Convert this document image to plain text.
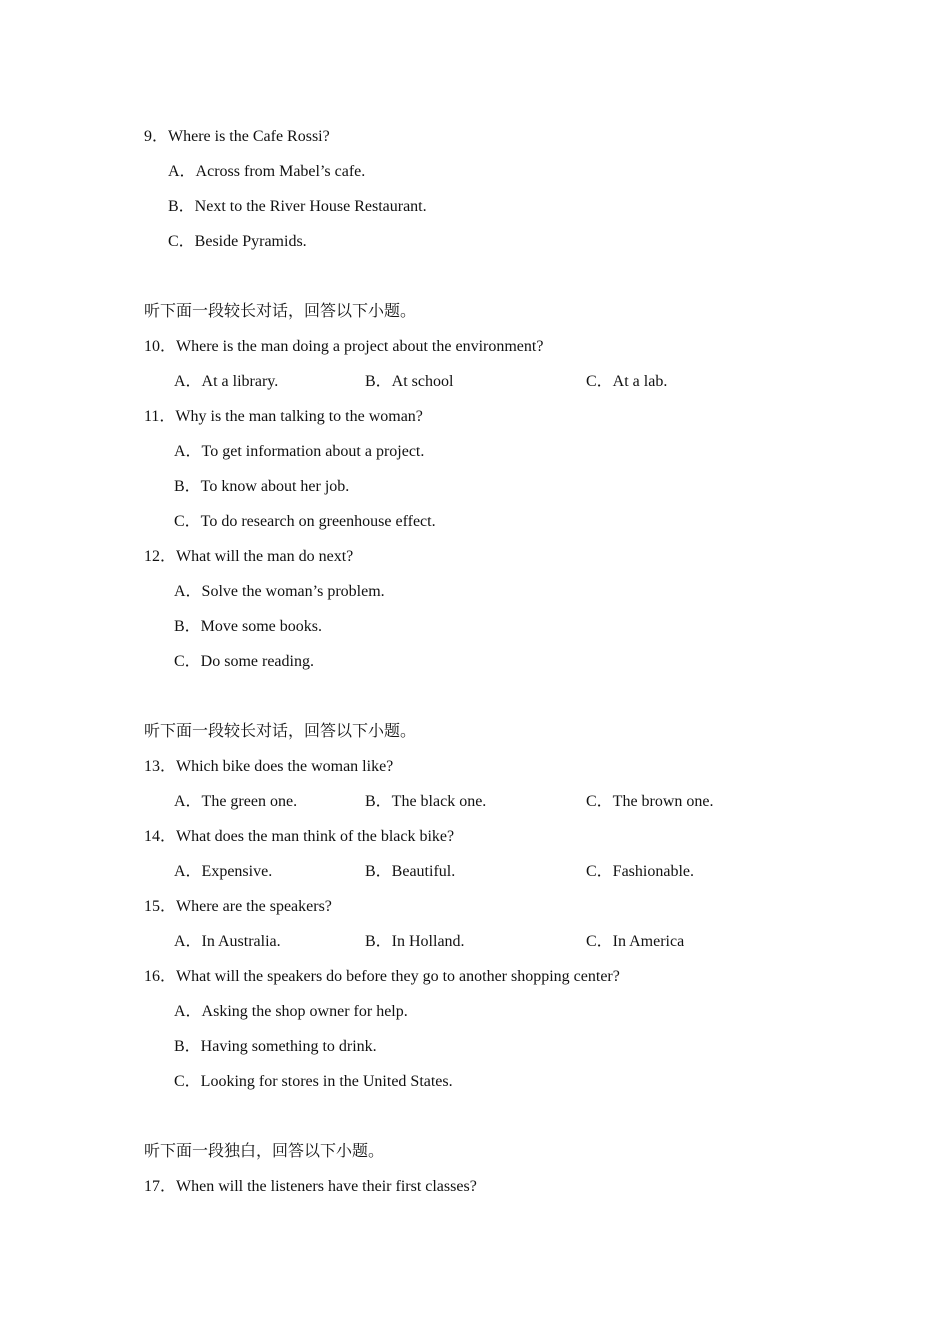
9．Where is the Cafe Rossi?
A．Across from Mabel’s cafe.
B．Next to the River House Restaurant.
C．Beside Pyramids.
听下面一段较长对话，回答以下小题。
10．Where is the man doing a project about the environment?
A．At a library.	B．At school	C．At a lab.
11．Why is the man talking to the woman?
A．To get information about a project.
B．To know about her job.
C．To do research on greenhouse effect.
12．What will the man do next?
A．Solve the woman’s problem.
B．Move some books.
C．Do some reading.
听下面一段较长对话，回答以下小题。
13．Which bike does the woman like?
A．The green one.	B．The black one.	C．The brown one.
14．What does the man think of the black bike?
A．Expensive.	B．Beautiful.	C．Fashionable.
15．Where are the speakers?
A．In Australia.	B．In Holland.	C．In America
16．What will the speakers do before they go to another shopping center?
A．Asking the shop owner for help.
B．Having something to drink.
C．Looking for stores in the United States.
听下面一段独白，回答以下小题。
17．When will the listeners have their first classes?
